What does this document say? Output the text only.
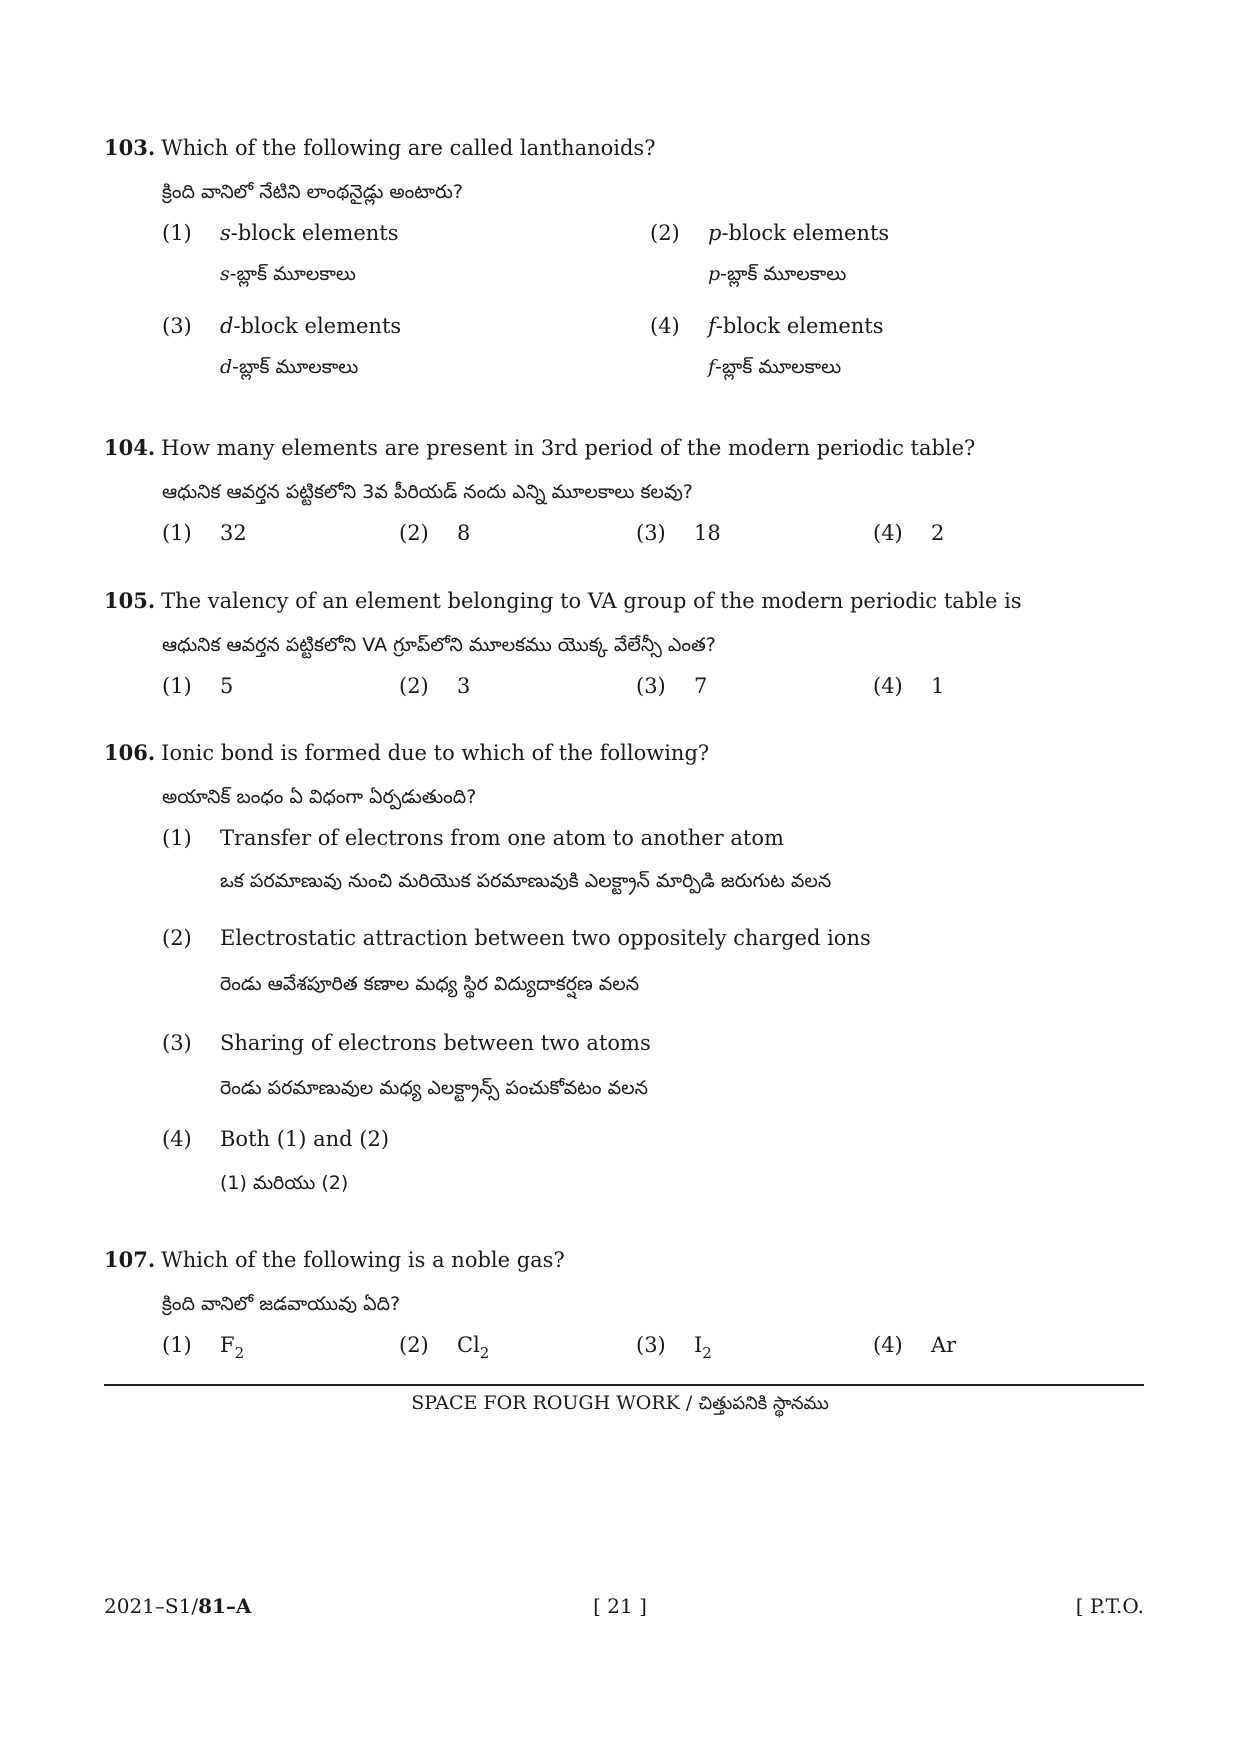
103. Which of the following are called lanthanoids?
క్రింది వానిలో నేటిని లాంథనైడ్లు అంటారు?
(1) s-block elements
s-బ్లాక్ మూలకాలు
(2) p-block elements
p-బ్లాక్ మూలకాలు
(3) d-block elements
d-బ్లాక్ మూలకాలు
(4) f-block elements
f-బ్లాక్ మూలకాలు
104. How many elements are present in 3rd period of the modern periodic table?
ఆధునిక ఆవర్తన పట్టికలోని 3వ పీరియడ్ నందు ఎన్ని మూలకాలు కలవు?
(1) 32	(2) 8	(3) 18	(4) 2
105. The valency of an element belonging to VA group of the modern periodic table is
ఆధునిక ఆవర్తన పట్టికలోని VA గ్రూప్‌లోని మూలకము యొక్క వేలేన్సీ ఎంత?
(1) 5	(2) 3	(3) 7	(4) 1
106. Ionic bond is formed due to which of the following?
అయానిక్ బంధం ఏ విధంగా ఏర్పడుతుంది?
(1) Transfer of electrons from one atom to another atom
ఒక పరమాణువు నుంచి మరియొక పరమాణువుకి ఎలక్ట్రాన్ మార్పిడి జరుగుట వలన
(2) Electrostatic attraction between two oppositely charged ions
రెండు ఆవేశపూరిత కణాల మధ్య స్థిర విద్యుదాకర్షణ వలన
(3) Sharing of electrons between two atoms
రెండు పరమాణువుల మధ్య ఎలక్ట్రాన్స్ పంచుకోవటం వలన
(4) Both (1) and (2)
(1) మరియు (2)
107. Which of the following is a noble gas?
క్రింది వానిలో జడవాయువు ఏది?
(1) $F_2$	(2) $Cl_2$	(3) $I_2$	(4) Ar
SPACE FOR ROUGH WORK / చిత్తుపనికి స్థానము
2021–S1/81–A	[ 21 ]	[ P.T.O.
